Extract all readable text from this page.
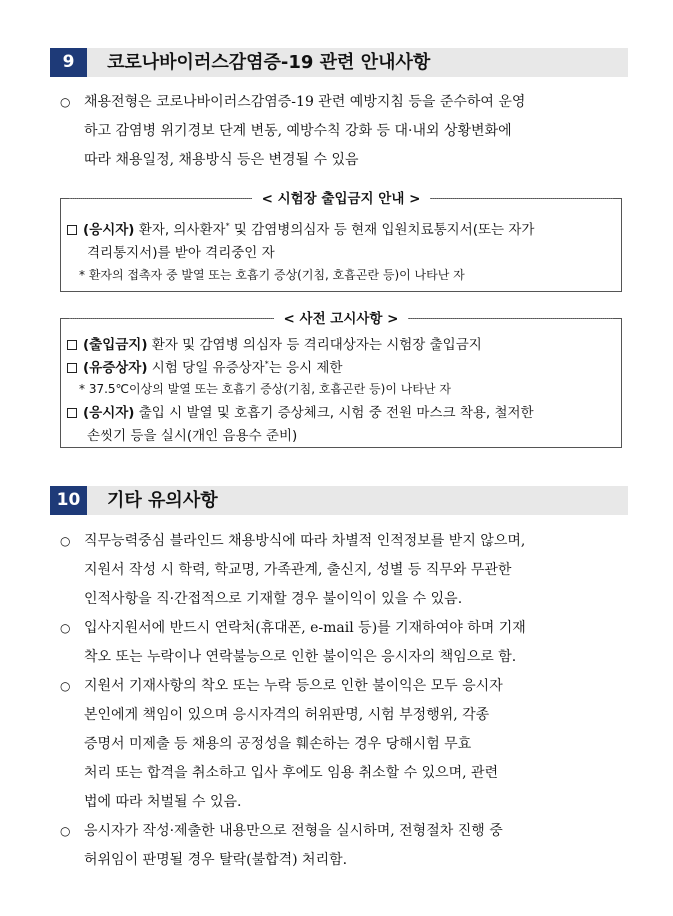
9	코로나바이러스감염증-19 관련 안내사항
○ 채용전형은 코로나바이러스감염증-19 관련 예방지침 등을 준수하여 운영
하고 감염병 위기경보 단계 변동, 예방수칙 강화 등 대·내외 상황변화에
따라 채용일정, 채용방식 등은 변경될 수 있음
< 시험장 출입금지 안내 >
(응시자) 환자, 의사환자* 및 감염병의심자 등 현재 입원치료통지서(또는 자가
격리통지서)를 받아 격리중인 자
* 환자의 접촉자 중 발열 또는 호흡기 증상(기침, 호흡곤란 등)이 나타난 자
< 사전 고시사항 >
(출입금지) 환자 및 감염병 의심자 등 격리대상자는 시험장 출입금지
(유증상자) 시험 당일 유증상자*는 응시 제한
* 37.5℃이상의 발열 또는 호흡기 증상(기침, 호흡곤란 등)이 나타난 자
(응시자) 출입 시 발열 및 호흡기 증상체크, 시험 중 전원 마스크 착용, 철저한
손씻기 등을 실시(개인 음용수 준비)
10	기타 유의사항
○ 직무능력중심 블라인드 채용방식에 따라 차별적 인적정보를 받지 않으며,
지원서 작성 시 학력, 학교명, 가족관계, 출신지, 성별 등 직무와 무관한
인적사항을 직·간접적으로 기재할 경우 불이익이 있을 수 있음.
○ 입사지원서에 반드시 연락처(휴대폰, e-mail 등)를 기재하여야 하며 기재
착오 또는 누락이나 연락불능으로 인한 불이익은 응시자의 책임으로 함.
○ 지원서 기재사항의 착오 또는 누락 등으로 인한 불이익은 모두 응시자
본인에게 책임이 있으며 응시자격의 허위판명, 시험 부정행위, 각종
증명서 미제출 등 채용의 공정성을 훼손하는 경우 당해시험 무효
처리 또는 합격을 취소하고 입사 후에도 임용 취소할 수 있으며, 관련
법에 따라 처벌될 수 있음.
○ 응시자가 작성·제출한 내용만으로 전형을 실시하며, 전형절차 진행 중
허위임이 판명될 경우 탈락(불합격) 처리함.
